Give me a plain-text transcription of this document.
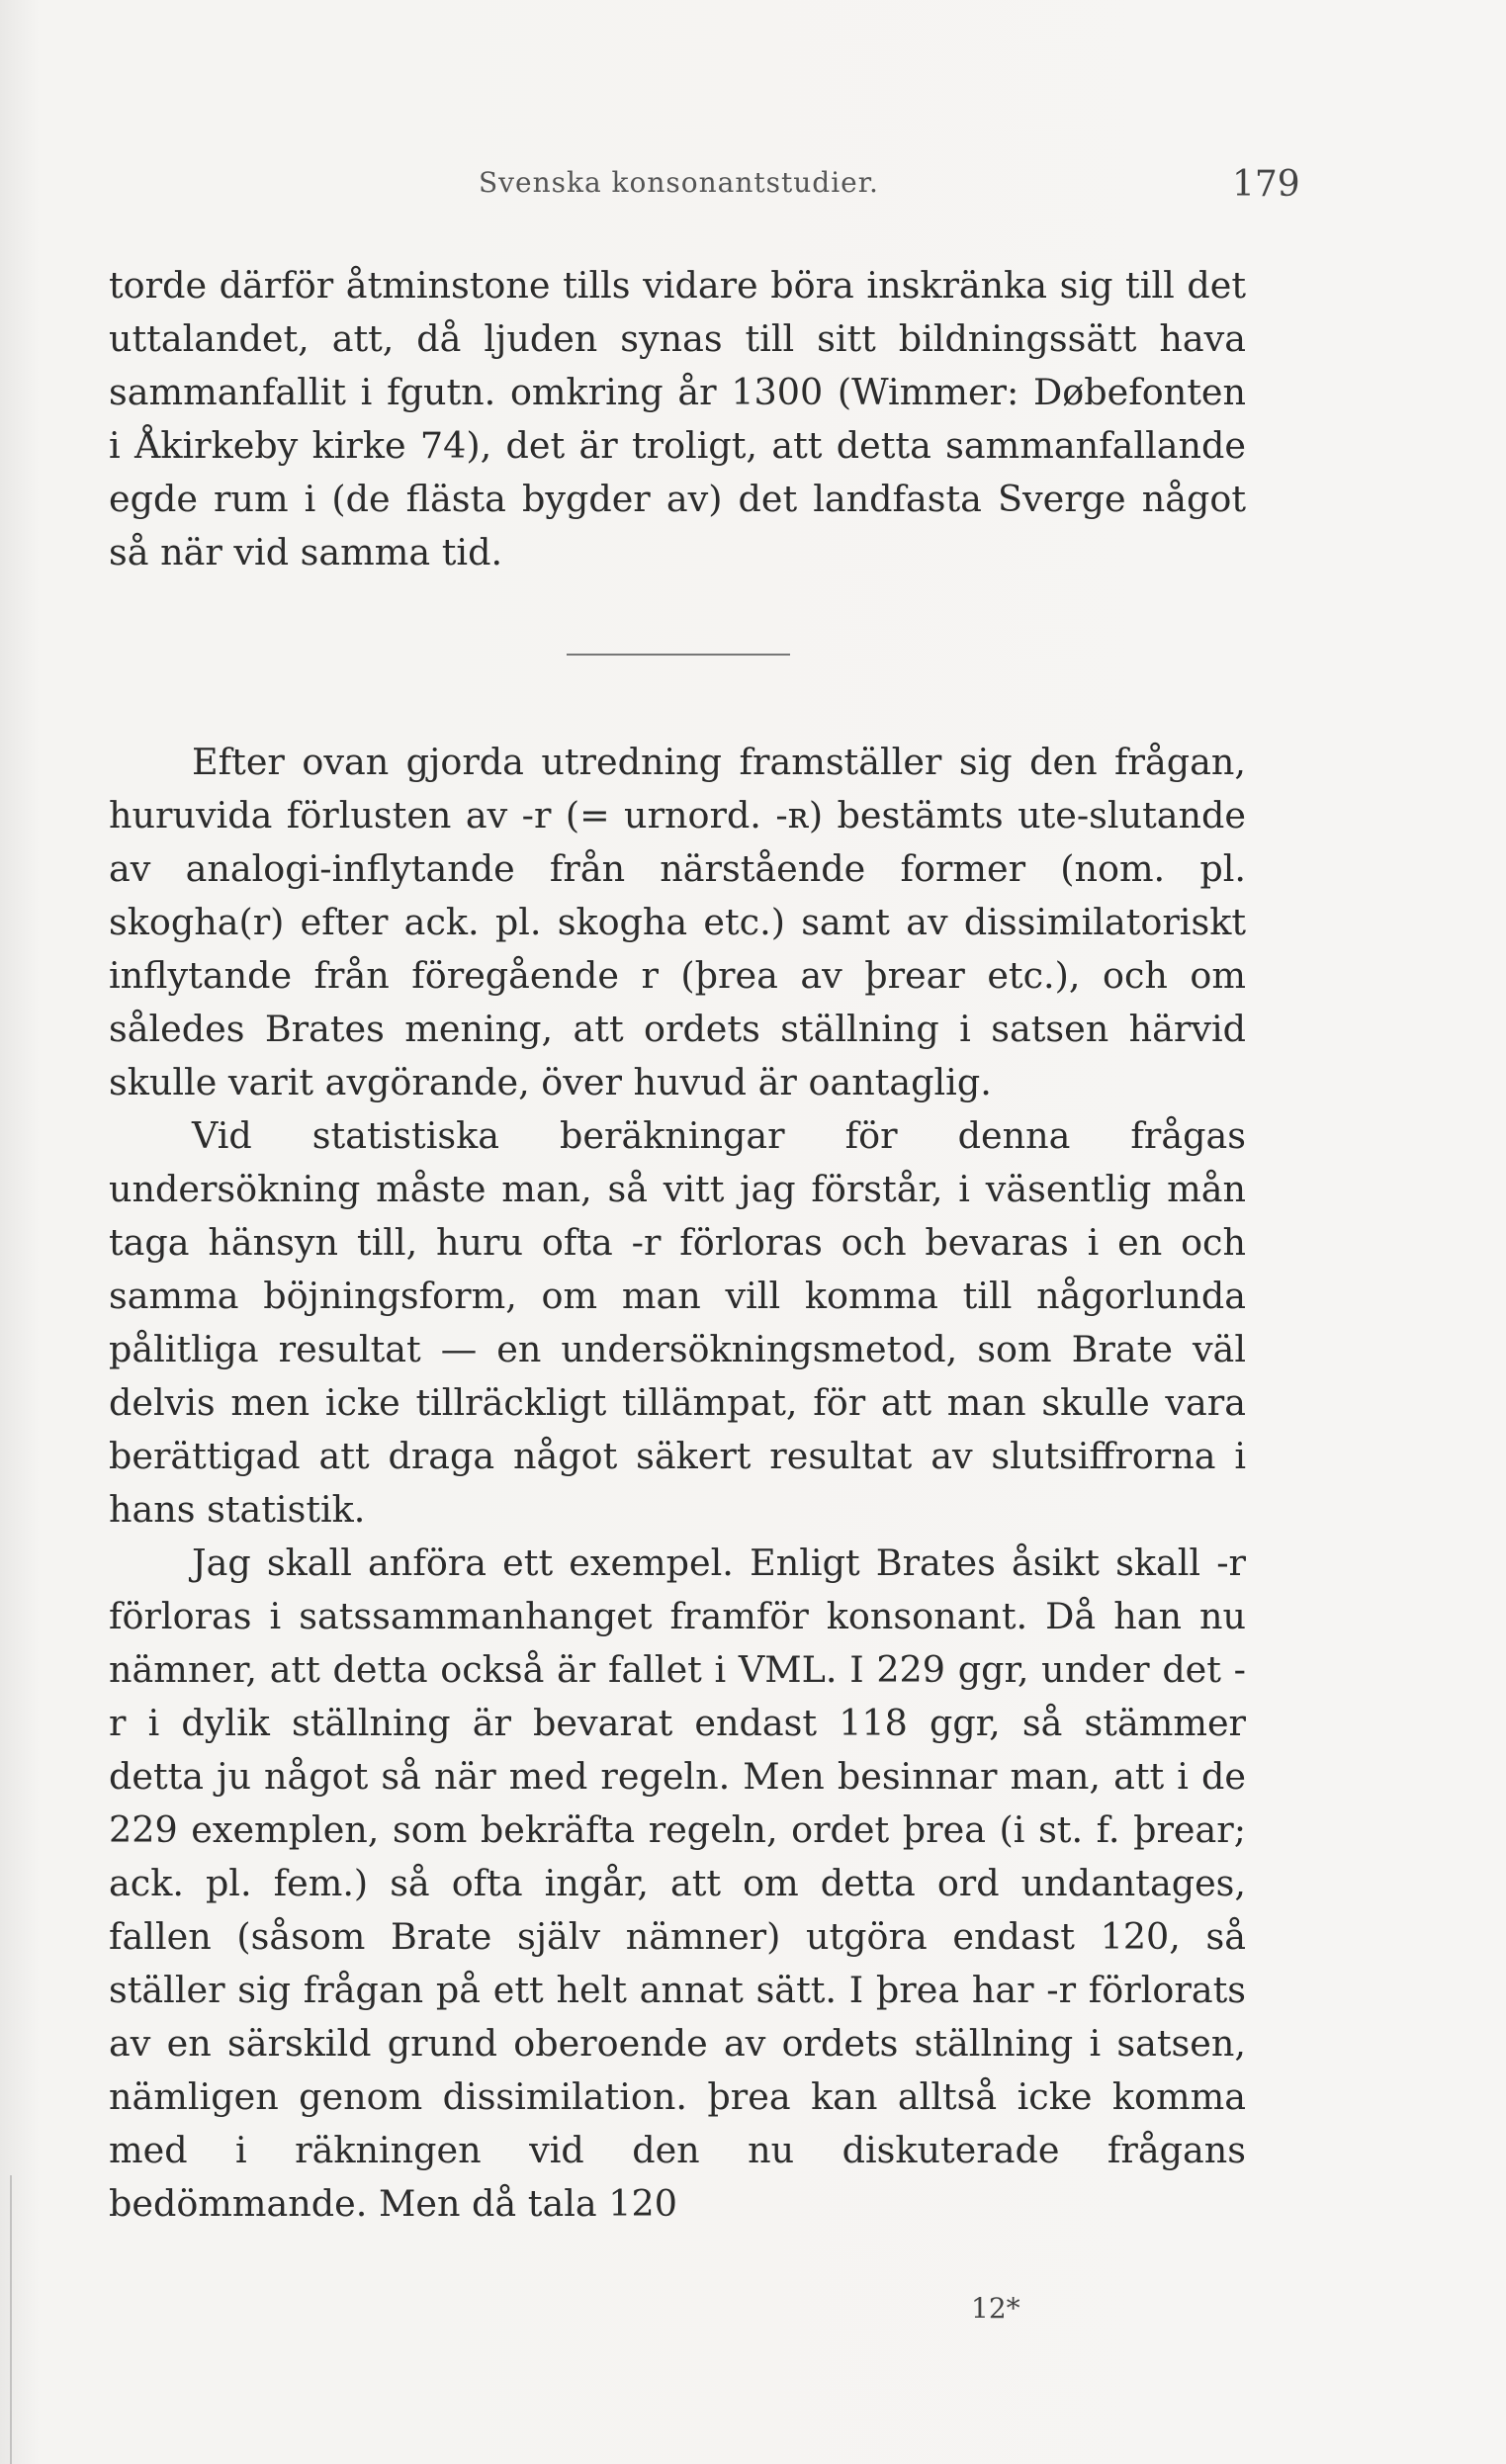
Svenska konsonantstudier.	179

torde därför åtminstone tills vidare böra inskränka sig till det uttalandet, att, då ljuden synas till sitt bildningssätt hava sammanfallit i fgutn. omkring år 1300 (Wimmer: Døbefonten i Åkirkeby kirke 74), det är troligt, att detta sammanfallande egde rum i (de flästa bygder av) det landfasta Sverge något så när vid samma tid.

Efter ovan gjorda utredning framställer sig den frågan, huruvida förlusten av -r (= urnord. -ʀ) bestämts ute-slutande av analogi-inflytande från närstående former (nom. pl. skogha(r) efter ack. pl. skogha etc.) samt av dissimilatoriskt inflytande från föregående r (þrea av þrear etc.), och om således Brates mening, att ordets ställning i satsen härvid skulle varit avgörande, över huvud är oantaglig.

Vid statistiska beräkningar för denna frågas undersökning måste man, så vitt jag förstår, i väsentlig mån taga hänsyn till, huru ofta -r förloras och bevaras i en och samma böjningsform, om man vill komma till någorlunda pålitliga resultat — en undersökningsmetod, som Brate väl delvis men icke tillräckligt tillämpat, för att man skulle vara berättigad att draga något säkert resultat av slutsiffrorna i hans statistik.

Jag skall anföra ett exempel. Enligt Brates åsikt skall -r förloras i satssammanhanget framför konsonant. Då han nu nämner, att detta också är fallet i VML. I 229 ggr, under det -r i dylik ställning är bevarat endast 118 ggr, så stämmer detta ju något så när med regeln. Men besinnar man, att i de 229 exemplen, som bekräfta regeln, ordet þrea (i st. f. þrear; ack. pl. fem.) så ofta ingår, att om detta ord undantages, fallen (såsom Brate själv nämner) utgöra endast 120, så ställer sig frågan på ett helt annat sätt. I þrea har -r förlorats av en särskild grund oberoende av ordets ställning i satsen, nämligen genom dissimilation. þrea kan alltså icke komma med i räkningen vid den nu diskuterade frågans bedömmande. Men då tala 120

12*
